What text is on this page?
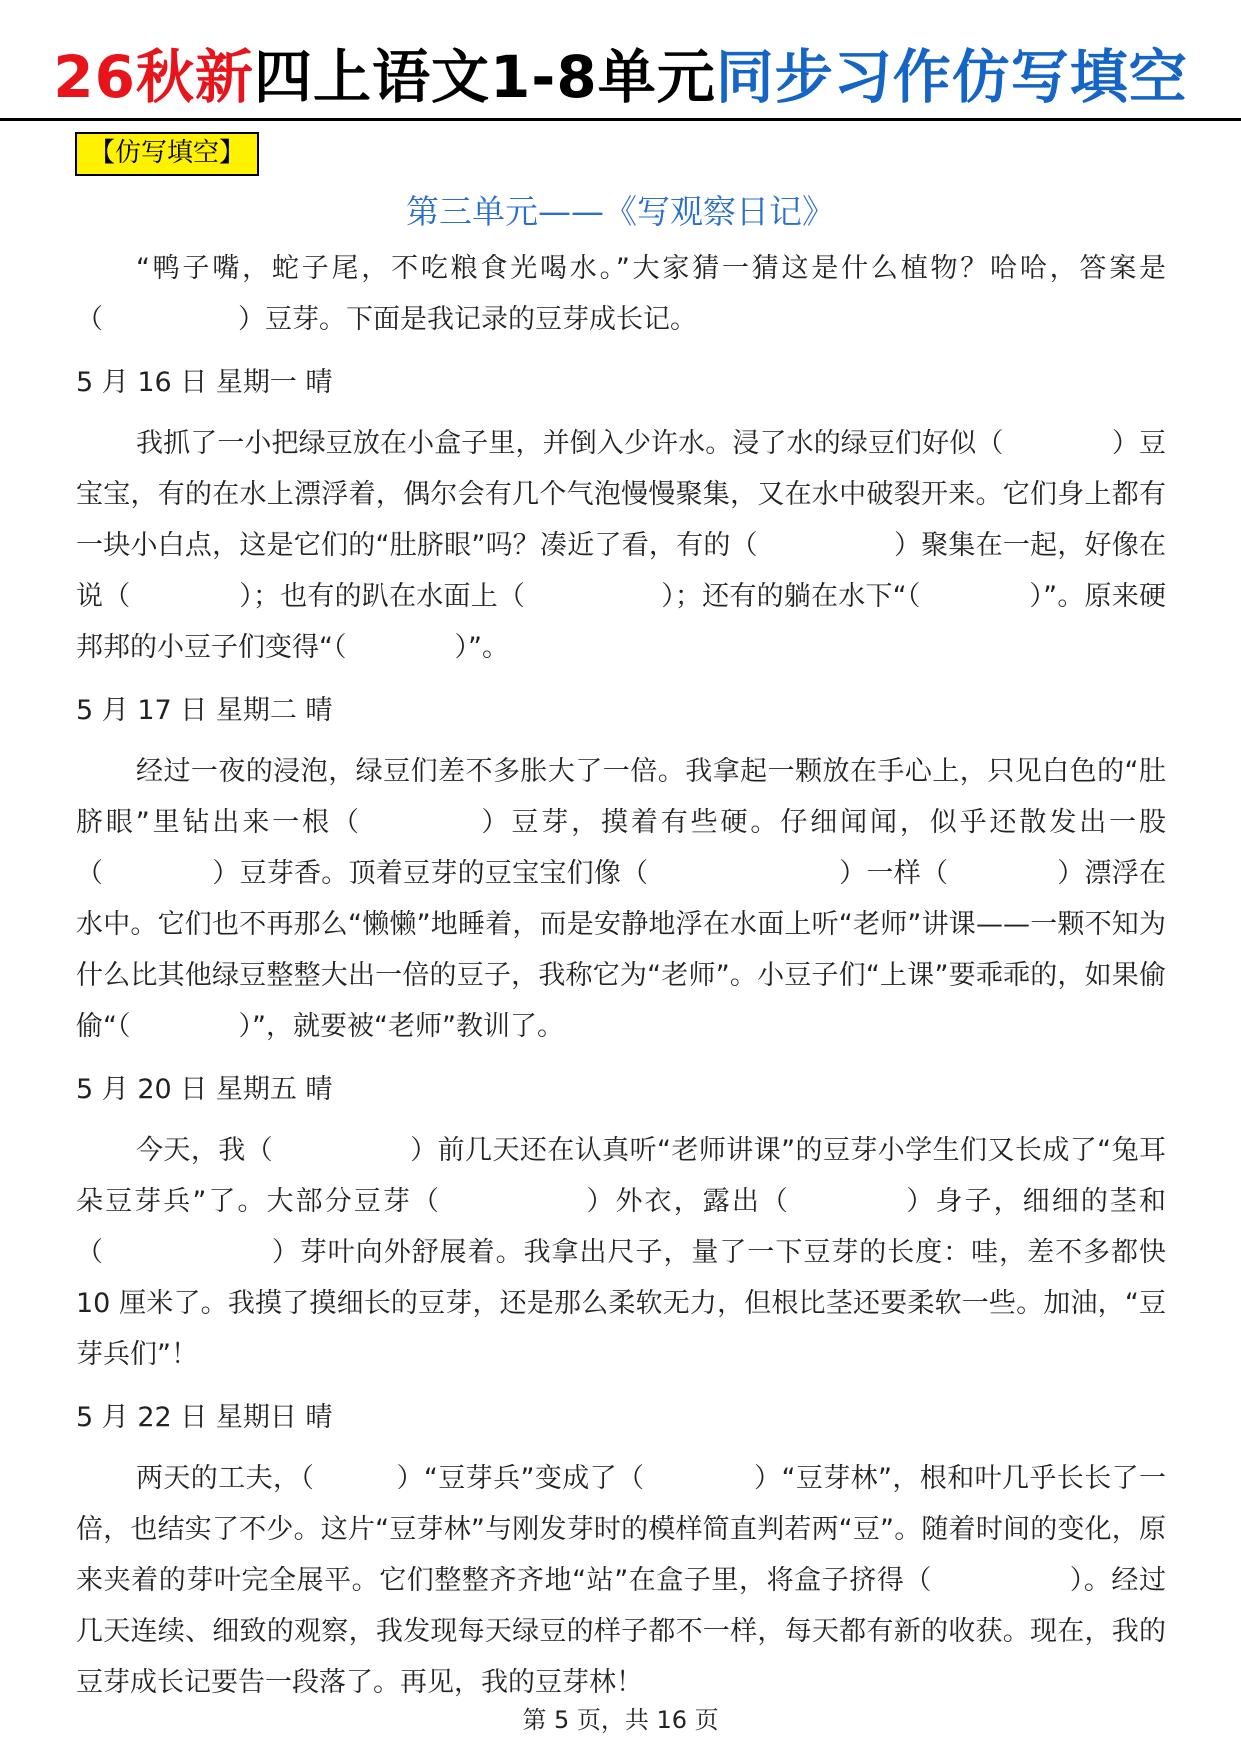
26秋新四上语文1-8单元同步习作仿写填空
【仿写填空】
第三单元——《写观察日记》

“鸭子嘴，蛇子尾，不吃粮食光喝水。”大家猜一猜这是什么植物？哈哈，答案是（　　　　　）豆芽。下面是我记录的豆芽成长记。

5 月 16 日 星期一 晴

我抓了一小把绿豆放在小盒子里，并倒入少许水。浸了水的绿豆们好似（　　　　）豆宝宝，有的在水上漂浮着，偶尔会有几个气泡慢慢聚集，又在水中破裂开来。它们身上都有一块小白点，这是它们的“肚脐眼”吗？凑近了看，有的（　　　　　）聚集在一起，好像在说（　　　　）；也有的趴在水面上（　　　　　）；还有的躺在水下“（　　　　）”。原来硬邦邦的小豆子们变得“（　　　　）”。

5 月 17 日 星期二 晴

经过一夜的浸泡，绿豆们差不多胀大了一倍。我拿起一颗放在手心上，只见白色的“肚脐眼”里钻出来一根（　　　　）豆芽，摸着有些硬。仔细闻闻，似乎还散发出一股（　　　　）豆芽香。顶着豆芽的豆宝宝们像（　　　　　　　）一样（　　　　）漂浮在水中。它们也不再那么“懒懒”地睡着，而是安静地浮在水面上听“老师”讲课——一颗不知为什么比其他绿豆整整大出一倍的豆子，我称它为“老师”。小豆子们“上课”要乖乖的，如果偷偷“（　　　　）”，就要被“老师”教训了。

5 月 20 日 星期五 晴

今天，我（　　　　　）前几天还在认真听“老师讲课”的豆芽小学生们又长成了“兔耳朵豆芽兵”了。大部分豆芽（　　　　　）外衣，露出（　　　　）身子，细细的茎和（　　　　　　）芽叶向外舒展着。我拿出尺子，量了一下豆芽的长度：哇，差不多都快 10 厘米了。我摸了摸细长的豆芽，还是那么柔软无力，但根比茎还要柔软一些。加油，“豆芽兵们”！

5 月 22 日 星期日 晴

两天的工夫，（　　　）“豆芽兵”变成了（　　　　）“豆芽林”，根和叶几乎长长了一倍，也结实了不少。这片“豆芽林”与刚发芽时的模样简直判若两“豆”。随着时间的变化，原来夹着的芽叶完全展平。它们整整齐齐地“站”在盒子里，将盒子挤得（　　　　　）。经过几天连续、细致的观察，我发现每天绿豆的样子都不一样，每天都有新的收获。现在，我的豆芽成长记要告一段落了。再见，我的豆芽林！

第 5 页，共 16 页
